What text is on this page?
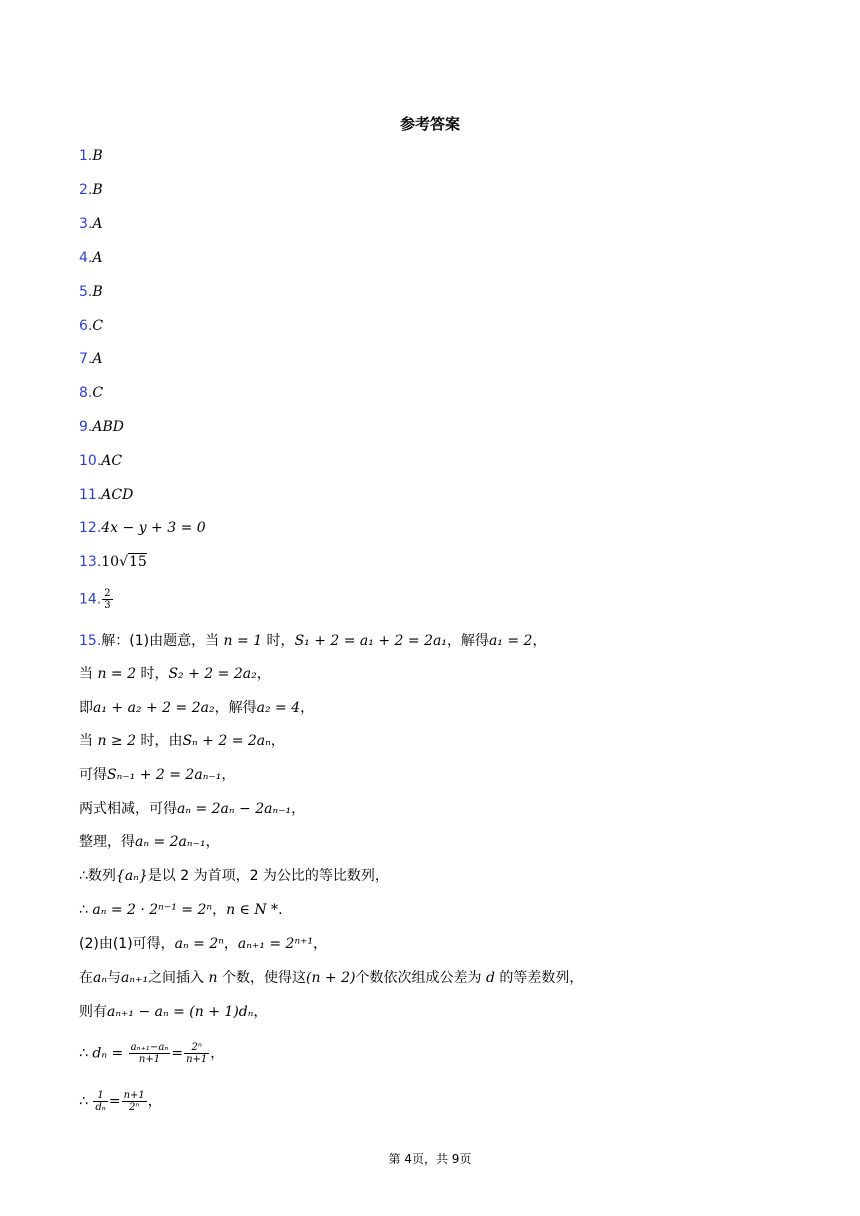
参考答案
1.B
2.B
3.A
4.A
5.B
6.C
7.A
8.C
9.ABD
10.AC
11.ACD
12.4x − y + 3 = 0
13.10√15
14. $\frac{2}{3}$
15.解：(1)由题意，当 n = 1 时，S₁ + 2 = a₁ + 2 = 2a₁，解得a₁ = 2，
当 n = 2 时，S₂ + 2 = 2a₂，
即a₁ + a₂ + 2 = 2a₂，解得a₂ = 4，
当 n ≥ 2 时，由Sₙ + 2 = 2aₙ，
可得Sₙ₋₁ + 2 = 2aₙ₋₁，
两式相减，可得aₙ = 2aₙ − 2aₙ₋₁，
整理，得aₙ = 2aₙ₋₁，
∴数列{aₙ}是以 2 为首项，2 为公比的等比数列，
∴ aₙ = 2 · 2ⁿ⁻¹ = 2ⁿ，n ∈ N *.
(2)由(1)可得，aₙ = 2ⁿ，aₙ₊₁ = 2ⁿ⁺¹，
在aₙ与aₙ₊₁之间插入 n 个数，使得这(n + 2)个数依次组成公差为 d 的等差数列，
则有aₙ₊₁ − aₙ = (n + 1)dₙ，
∴ $d_n = \frac{\text{aₙ₊₁−aₙ}}{n+1} = \frac{\text{2ⁿ}}{n+1}$ ，
∴ $\frac{1}{\text{dₙ}} = \frac{n+1}{\text{2ⁿ}}$ ，
第 4页，共 9页
